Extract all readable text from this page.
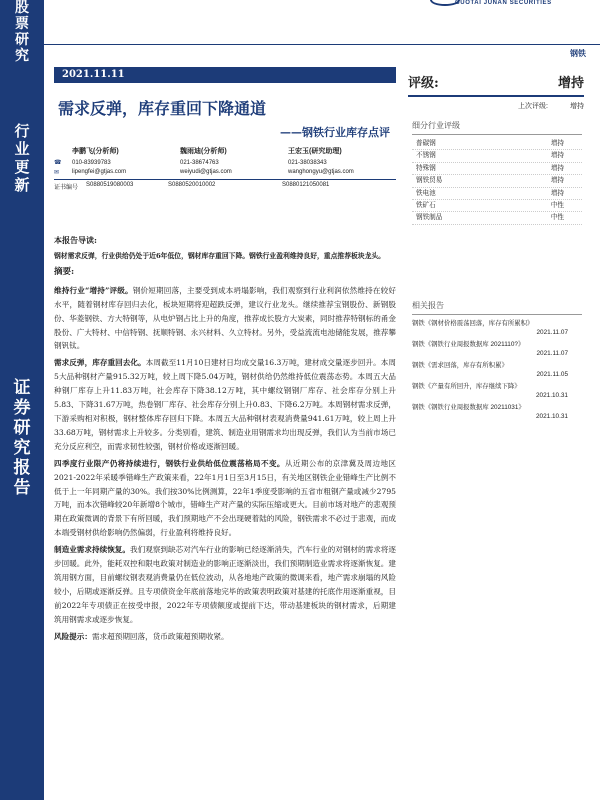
股
票
研
究
行
业
更
新
证
券
研
究
报
告
GUOTAI JUNAN SECURITIES
钢铁
2021.11.11
需求反弹，库存重回下降通道
——钢铁行业库存点评
李鹏飞(分析师)
010-83939783
lipengfei@gtjas.com
魏雨迪(分析师)
021-38674763
weiyudi@gtjas.com
王宏玉(研究助理)
021-38038343
wanghongyu@gtjas.com
证书编号 S0880519080003	S0880520010002	S0880121050081
☎
✉
本报告导读:
钢材需求反弹，行业供给仍处于近6年低位，钢材库存重回下降。钢铁行业盈利维持良好，重点推荐板块龙头。
摘要:

维持行业“增持”评级。钢价短期回落，主要受到成本坍塌影响，我们观察到行业利润依然维持在较好水平，随着钢材库存回归去化，板块短期将迎超跌反弹，建议行业龙头。继续推荐宝钢股份、新钢股份、华菱钢铁、方大特钢等，从电炉钢占比上升的角度，推荐成长股方大炭素，同时推荐特钢标的甬金股份、广大特材、中信特钢、抚顺特钢、永兴材料、久立特材。另外，受益流流电池储能发展，推荐攀钢钒钛。

需求反弹，库存重回去化。本周截至11月10日建材日均成交量16.3万吨，建材成交量逐步回升。本周5大品种钢材产量915.32万吨，较上周下降5.04万吨，钢材供给仍然维持低位震荡态势。本周五大品种钢厂库存上升11.83万吨，社会库存下降38.12万吨，其中螺纹钢钢厂库存、社会库存分别上升5.83、下降31.67万吨，热卷钢厂库存、社会库存分别上升0.83、下降6.2万吨。本周钢材需求反弹，下游采购相对积极，钢材整体库存回归下降。本周五大品种钢材表观消费量941.61万吨，较上周上升33.68万吨，钢材需求上升较多。分类别看，建筑、制造业用钢需求均出现反弹，我们认为当前市场已充分反应利空，而需求韧性较强，钢材价格或逐渐回暖。

四季度行业限产仍将持续进行，钢铁行业供给低位震荡格局不变。从近期公布的京津冀及周边地区2021-2022年采暖季错峰生产政策来看，22年1月1日至3月15日，有关地区钢铁企业错峰生产比例不低于上一年同期产量的30%。我们按30%比例测算，22年1季度受影响的五省市粗钢产量或减少2795万吨，而本次错峰较20年新增8个城市，错峰生产对产量的实际压缩或更大。目前市场对地产的悲观预期在政策微调的背景下有所回暖，我们预期地产不会出现硬着陆的风险，钢铁需求不必过于悲观，而成本端受钢材供给影响仍然偏弱，行业盈利将维持良好。

制造业需求持续恢复。我们观察到缺芯对汽车行业的影响已经逐渐消失，汽车行业的对钢材的需求将逐步回暖。此外，能耗双控和限电政策对制造业的影响正逐渐淡出，我们预期制造业需求将逐渐恢复。建筑用钢方面，目前螺纹钢表观消费量仍在低位波动，从各地地产政策的微调来看，地产需求崩塌的风险较小，后期或逐渐反弹。且专项债资金年底前落地完毕的政策表明政策对基建的托底作用逐渐重视，目前2022年专项债正在按受申报，2022年专项债额度或提前下达，带动基建板块的钢材需求，后期建筑用钢需求或逐步恢复。

风险提示：需求超预期回落，货币政策超预期收紧。

评级:	增持
上次评级:	增持
细分行业评级
普碳钢	增持
不锈钢	增持
特殊钢	增持
钢铁贸易	增持
铁电池	增持
铁矿石	中性
钢铁制品	中性
相关报告
钢铁《钢材价格震荡回落，库存有所累积》
2021.11.07
钢铁《钢铁行业周报数据库 2021110?》
2021.11.07
钢铁《需求回落，库存有所积累》
2021.11.05
钢铁《产量有所回升，库存继续下降》
2021.10.31
钢铁《钢铁行业周报数据库 20211031》
2021.10.31
